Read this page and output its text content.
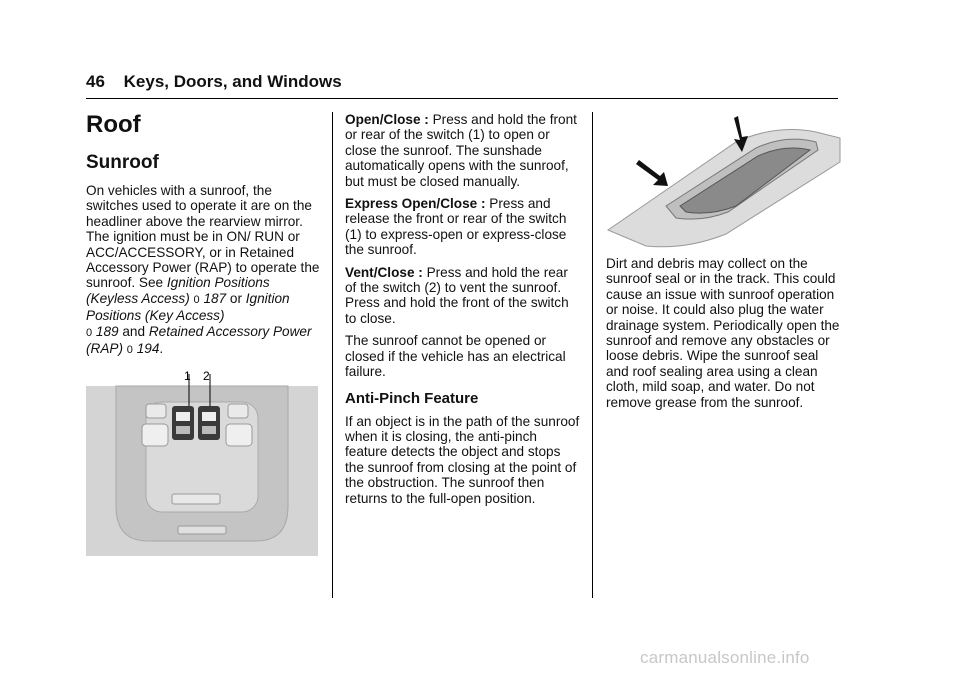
46 Keys, Doors, and Windows
Roof
Sunroof

On vehicles with a sunroof, the switches used to operate it are on the headliner above the rearview mirror. The ignition must be in ON/ RUN or ACC/ACCESSORY, or in Retained Accessory Power (RAP) to operate the sunroof. See Ignition Positions (Keyless Access) 0 187 or Ignition Positions (Key Access)
0 189 and Retained Accessory Power (RAP) 0 194.

1 2

Open/Close : Press and hold the front or rear of the switch (1) to open or close the sunroof. The sunshade automatically opens with the sunroof, but must be closed manually.

Express Open/Close : Press and release the front or rear of the switch (1) to express-open or express-close the sunroof.

Vent/Close : Press and hold the rear of the switch (2) to vent the sunroof. Press and hold the front of the switch to close.

The sunroof cannot be opened or closed if the vehicle has an electrical failure.

Anti-Pinch Feature

If an object is in the path of the sunroof when it is closing, the anti-pinch feature detects the object and stops the sunroof from closing at the point of the obstruction. The sunroof then returns to the full-open position.

Dirt and debris may collect on the sunroof seal or in the track. This could cause an issue with sunroof operation or noise. It could also plug the water drainage system. Periodically open the sunroof and remove any obstacles or loose debris. Wipe the sunroof seal and roof sealing area using a clean cloth, mild soap, and water. Do not remove grease from the sunroof.

carmanualsonline.info
